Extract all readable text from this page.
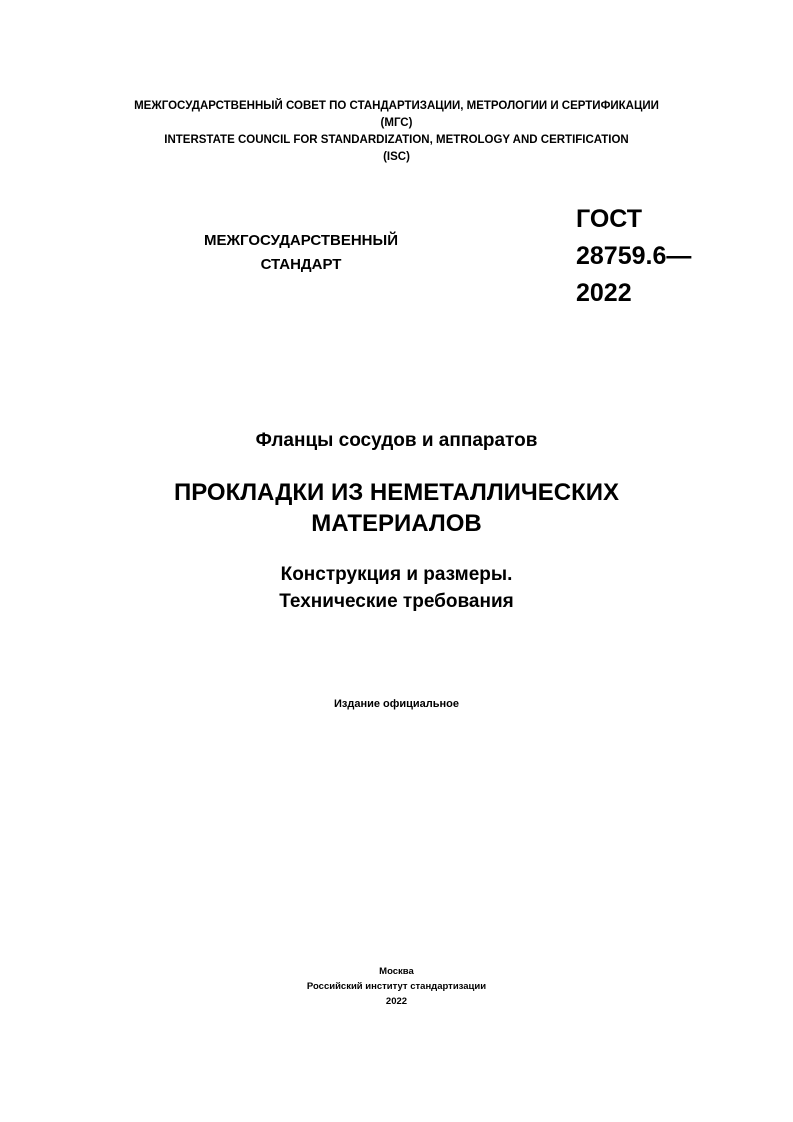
МЕЖГОСУДАРСТВЕННЫЙ СОВЕТ ПО СТАНДАРТИЗАЦИИ, МЕТРОЛОГИИ И СЕРТИФИКАЦИИ
(МГС)
INTERSTATE COUNCIL FOR STANDARDIZATION, METROLOGY AND CERTIFICATION
(ISC)
МЕЖГОСУДАРСТВЕННЫЙ
СТАНДАРТ
ГОСТ
28759.6—
2022
Фланцы сосудов и аппаратов
ПРОКЛАДКИ ИЗ НЕМЕТАЛЛИЧЕСКИХ
МАТЕРИАЛОВ
Конструкция и размеры.
Технические требования
Издание официальное
Москва
Российский институт стандартизации
2022
